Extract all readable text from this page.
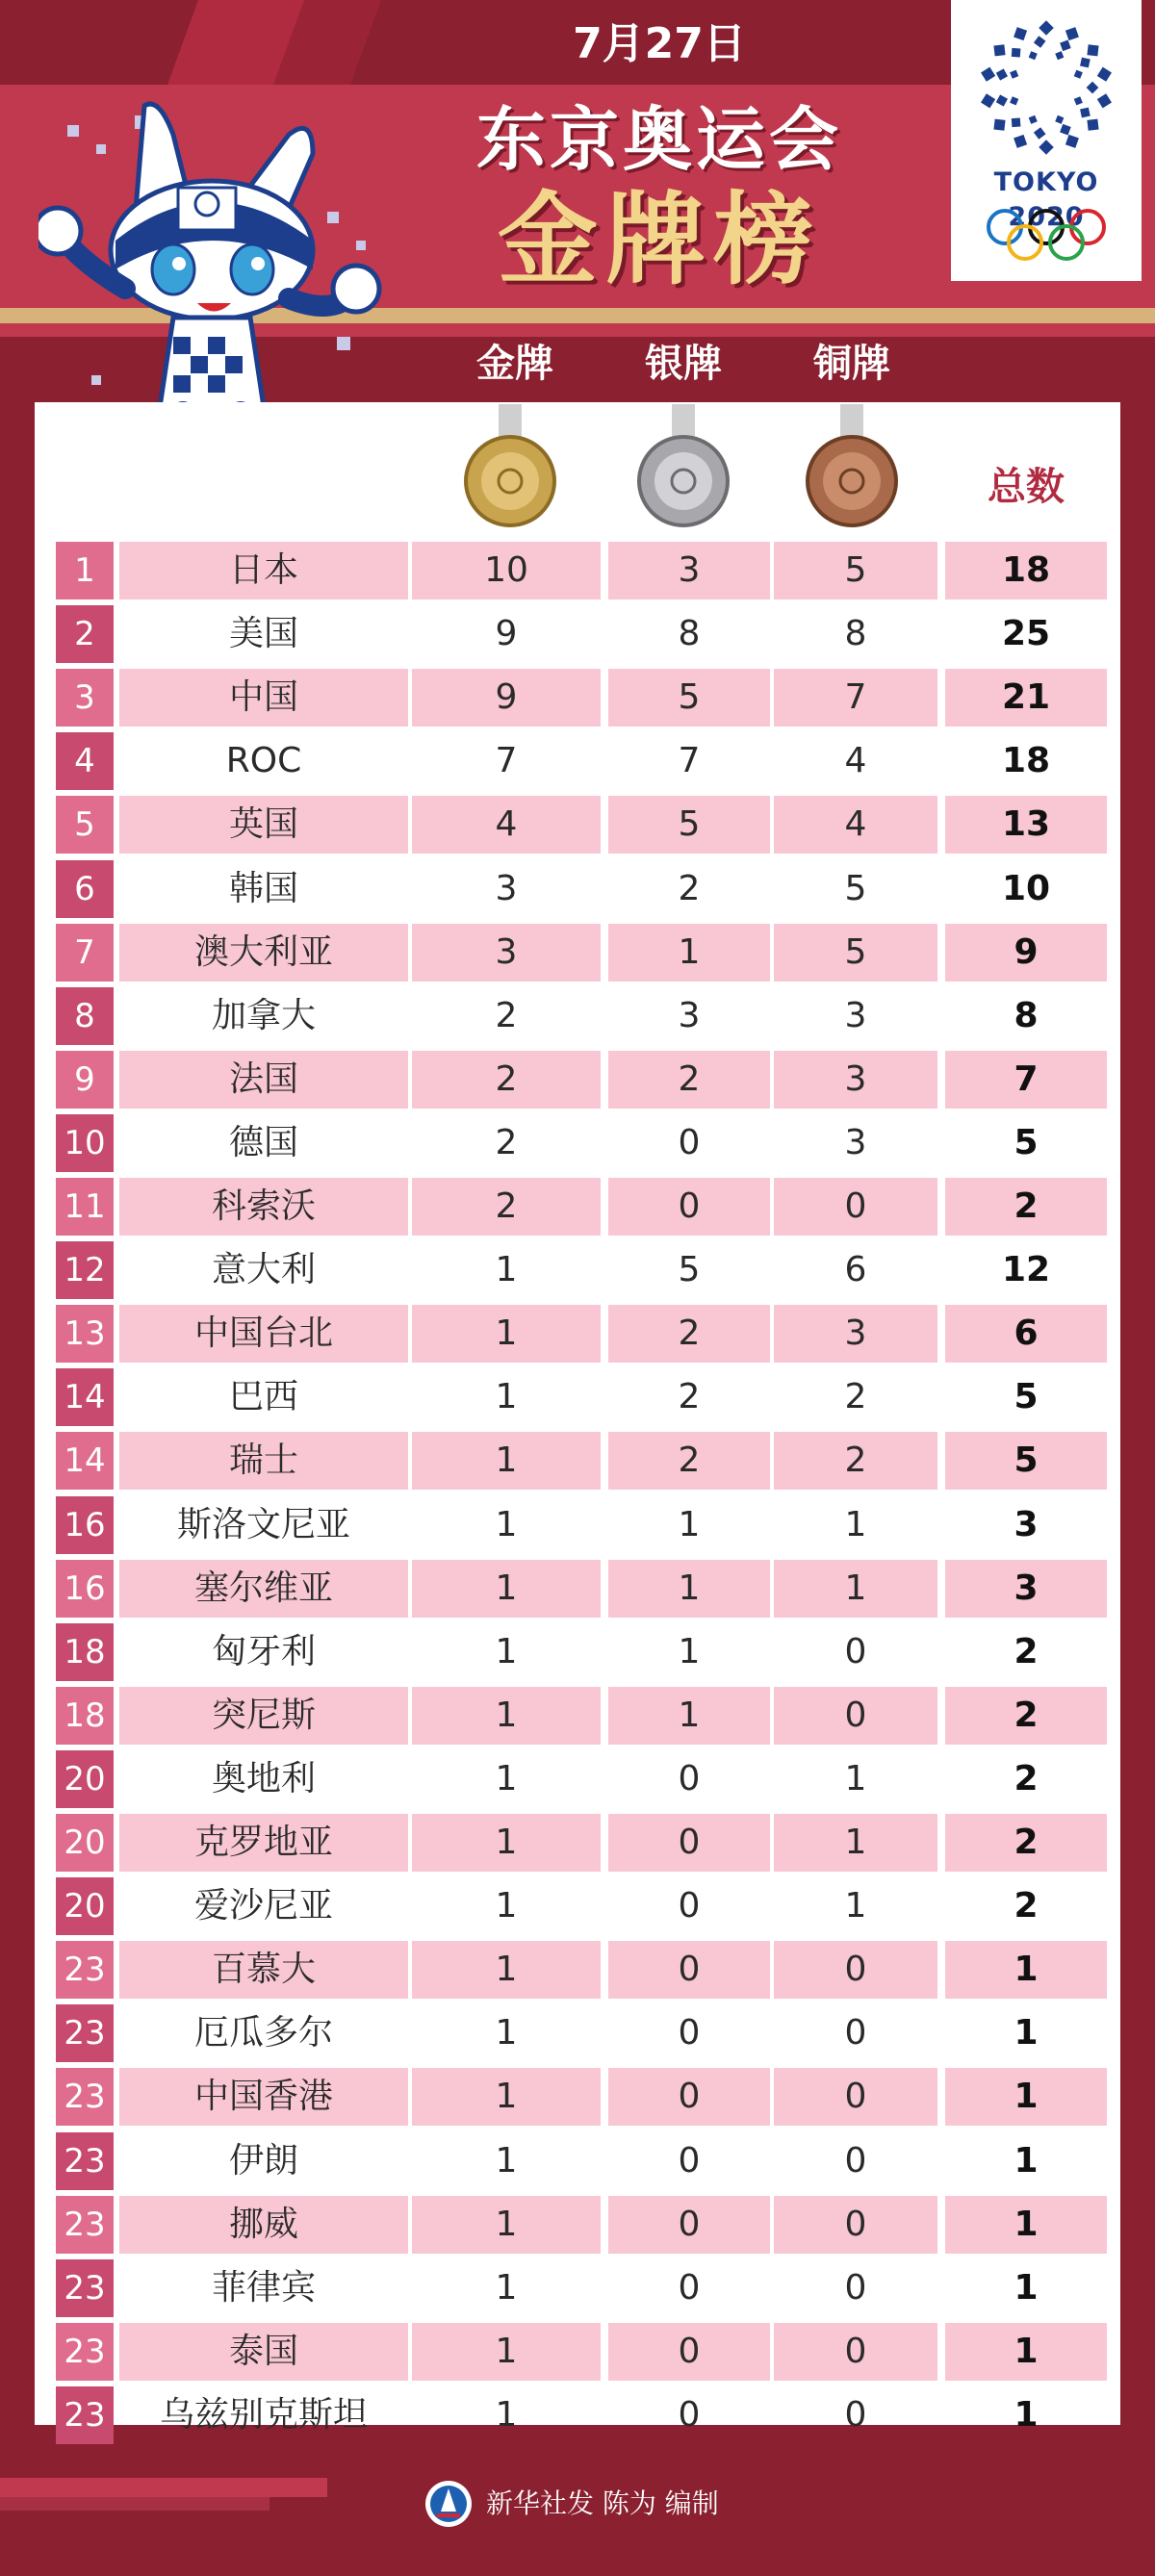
7月27日
东京奥运会
金牌榜	TOKYO 2020
金牌	银牌	铜牌
总数
1	日本	10	3	5	18
2	美国	9	8	8	25
3	中国	9	5	7	21
4	ROC	7	7	4	18
5	英国	4	5	4	13
6	韩国	3	2	5	10
7	澳大利亚	3	1	5	9
8	加拿大	2	3	3	8
9	法国	2	2	3	7
10	德国	2	0	3	5
11	科索沃	2	0	0	2
12	意大利	1	5	6	12
13	中国台北	1	2	3	6
14	巴西	1	2	2	5
14	瑞士	1	2	2	5
16	斯洛文尼亚	1	1	1	3
16	塞尔维亚	1	1	1	3
18	匈牙利	1	1	0	2
18	突尼斯	1	1	0	2
20	奥地利	1	0	1	2
20	克罗地亚	1	0	1	2
20	爱沙尼亚	1	0	1	2
23	百慕大	1	0	0	1
23	厄瓜多尔	1	0	0	1
23	中国香港	1	0	0	1
23	伊朗	1	0	0	1
23	挪威	1	0	0	1
23	菲律宾	1	0	0	1
23	泰国	1	0	0	1
23	乌兹别克斯坦	1	0	0	1
新华社发 陈为 编制
